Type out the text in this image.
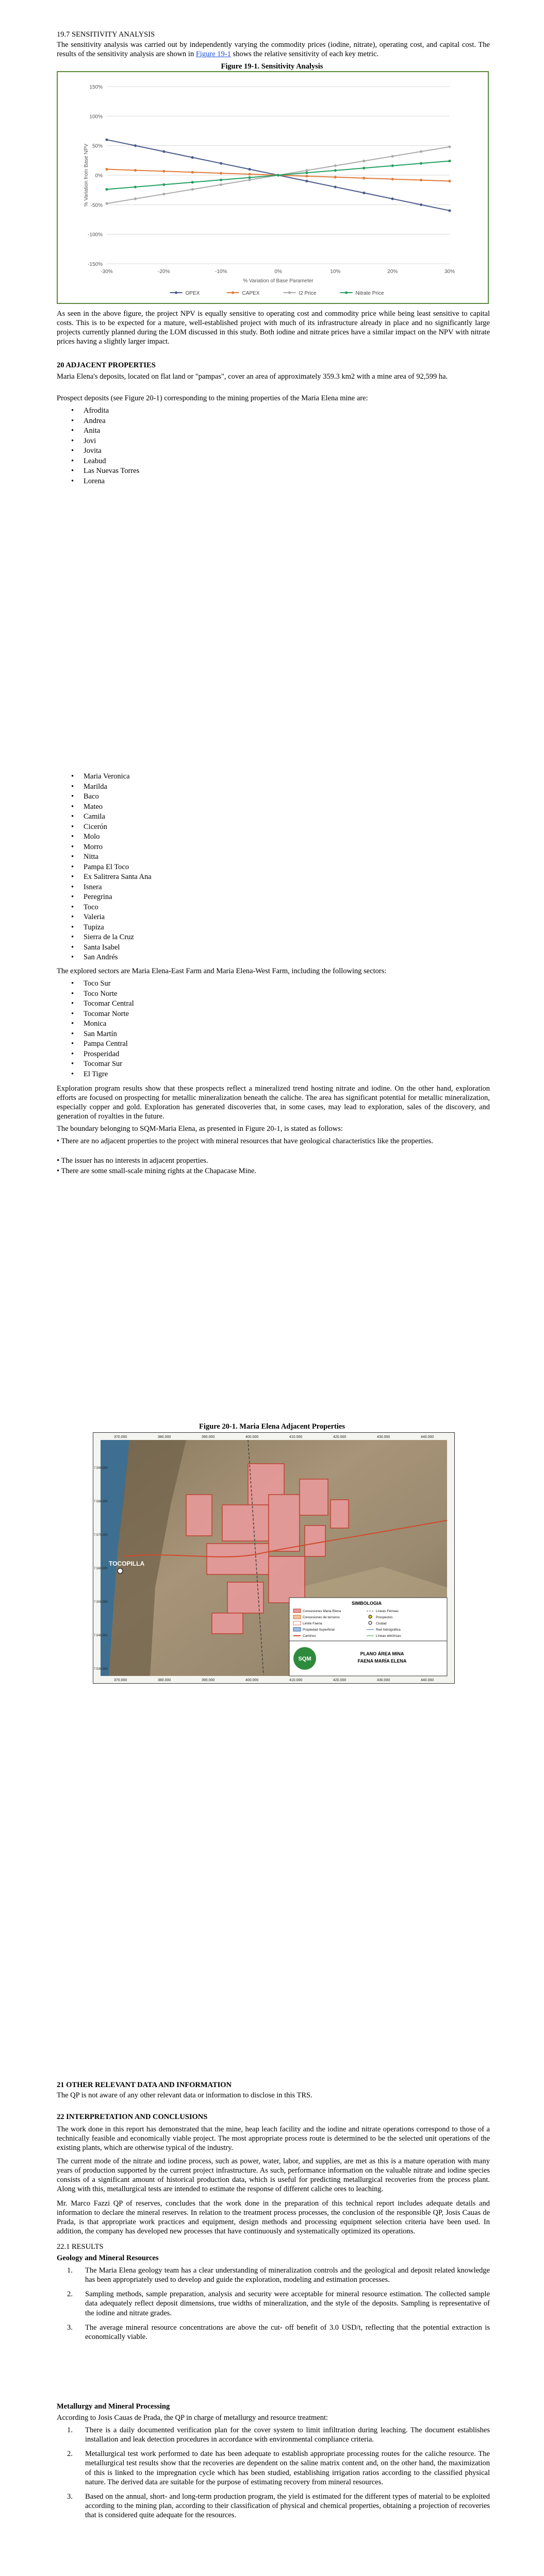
19.7 SENSITIVITY ANALYSIS

The sensitivity analysis was carried out by independently varying the commodity prices (iodine, nitrate), operating cost, and capital cost. The results of the sensitivity analysis are shown in Figure 19-1 shows the relative sensitivity of each key metric.

Figure 19-1. Sensitivity Analysis
150%
100%
50%
0%
-50%
-100%
-150%
-30%	-20%	-10%	0%	10%	20%	30%
% Variation of Base Parameter
% Variation from Base NPV
OPEX	CAPEX	I2 Price	Nitrate Price

As seen in the above figure, the project NPV is equally sensitive to operating cost and commodity price while being least sensitive to capital costs. This is to be expected for a mature, well-established project with much of its infrastructure already in place and no significantly large projects currently planned during the LOM discussed in this study. Both iodine and nitrate prices have a similar impact on the NPV with nitrate prices having a slightly larger impact.

20 ADJACENT PROPERTIES

Maria Elena's deposits, located on flat land or "pampas", cover an area of approximately 359.3 km2 with a mine area of 92,599 ha.

Prospect deposits (see Figure 20-1) corresponding to the mining properties of the Maria Elena mine are:

• Afrodita
• Andrea
• Anita
• Jovi
• Jovita
• Leabud
• Las Nuevas Torres
• Lorena
• Maria Veronica
• Marilda
• Baco
• Mateo
• Camila
• Cicerón
• Molo
• Morro
• Nitta
• Pampa El Toco
• Ex Salitrera Santa Ana
• Isnera
• Peregrina
• Toco
• Valeria
• Tupiza
• Sierra de la Cruz
• Santa Isabel
• San Andrés

The explored sectors are Maria Elena-East Farm and Maria Elena-West Farm, including the following sectors:

• Toco Sur
• Toco Norte
• Tocomar Central
• Tocomar Norte
• Monica
• San Martín
• Pampa Central
• Prosperidad
• Tocomar Sur
• El Tigre

Exploration program results show that these prospects reflect a mineralized trend hosting nitrate and iodine. On the other hand, exploration efforts are focused on prospecting for metallic mineralization beneath the caliche. The area has significant potential for metallic mineralization, especially copper and gold. Exploration has generated discoveries that, in some cases, may lead to exploration, sales of the discovery, and generation of royalties in the future.

The boundary belonging to SQM-Maria Elena, as presented in Figure 20-1, is stated as follows:

• There are no adjacent properties to the project with mineral resources that have geological characteristics like the properties.

• The issuer has no interests in adjacent properties.

• There are some small-scale mining rights at the Chapacase Mine.

Figure 20-1. Maria Elena Adjacent Properties
TOCOPILLA
370.000	380.000	390.000	400.000	410.000	420.000	430.000	440.000
370.000	380.000	390.000	400.000	410.000	420.000	430.000	440.000
7.590.000
7.580.000
7.570.000
7.560.000
7.550.000
7.540.000
7.530.000
SIMBOLOGIA
Concesiones Maria Elena
Concesiones de terceros
Limite Faena
Propiedad Superficial
Caminos
Líneas Férreas
Prospectos
Ciudad
Red hidrográfica
Líneas eléctricas
SQM
PLANO ÁREA MINA
FAENA MARÍA ELENA
21 OTHER RELEVANT DATA AND INFORMATION

The QP is not aware of any other relevant data or information to disclose in this TRS.

22 INTERPRETATION AND CONCLUSIONS

The work done in this report has demonstrated that the mine, heap leach facility and the iodine and nitrate operations correspond to those of a technically feasible and economically viable project. The most appropriate process route is determined to be the selected unit operations of the existing plants, which are otherwise typical of the industry.

The current mode of the nitrate and iodine process, such as power, water, labor, and supplies, are met as this is a mature operation with many years of production supported by the current project infrastructure. As such, performance information on the valuable nitrate and iodine species consists of a significant amount of historical production data, which is useful for predicting metallurgical recoveries from the process plant. Along with this, metallurgical tests are intended to estimate the response of different caliche ores to leaching.

Mr. Marco Fazzi QP of reserves, concludes that the work done in the preparation of this technical report includes adequate details and information to declare the mineral reserves. In relation to the treatment process processes, the conclusion of the responsible QP, Josis Cauas de Prada, is that appropriate work practices and equipment, design methods and processing equipment selection criteria have been used. In addition, the company has developed new processes that have continuously and systematically optimized its operations.

22.1 RESULTS
Geology and Mineral Resources
1. The Maria Elena geology team has a clear understanding of mineralization controls and the geological and deposit related knowledge has been appropriately used to develop and guide the exploration, modeling and estimation processes.
2. Sampling methods, sample preparation, analysis and security were acceptable for mineral resource estimation. The collected sample data adequately reflect deposit dimensions, true widths of mineralization, and the style of the deposits. Sampling is representative of the iodine and nitrate grades.
3. The average mineral resource concentrations are above the cut- off benefit of 3.0 USD/t, reflecting that the potential extraction is economically viable.
Metallurgy and Mineral Processing

According to Josis Cauas de Prada, the QP in charge of metallurgy and resource treatment:

1. There is a daily documented verification plan for the cover system to limit infiltration during leaching. The document establishes installation and leak detection procedures in accordance with environmental compliance criteria.
2. Metallurgical test work performed to date has been adequate to establish appropriate processing routes for the caliche resource. The metallurgical test results show that the recoveries are dependent on the saline matrix content and, on the other hand, the maximization of this is linked to the impregnation cycle which has been studied, establishing irrigation ratios according to the classified physical nature. The derived data are suitable for the purpose of estimating recovery from mineral resources.
3. Based on the annual, short- and long-term production program, the yield is estimated for the different types of material to be exploited according to the mining plan, according to their classification of physical and chemical properties, obtaining a projection of recoveries that is considered quite adequate for the resources.
